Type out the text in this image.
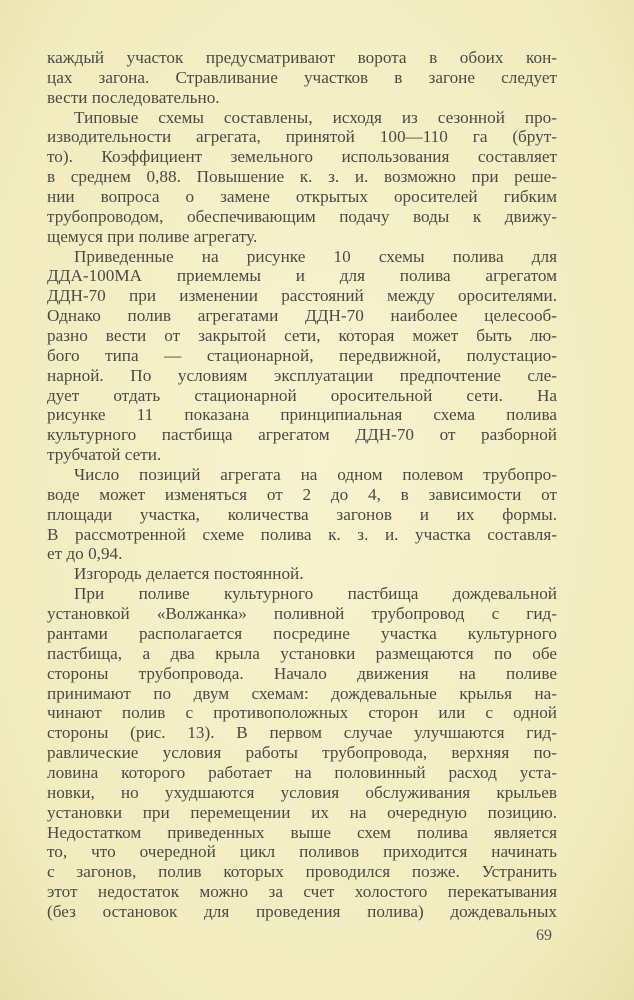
каждый участок предусматривают ворота в обоих кон-
цах загона. Стравливание участков в загоне следует
вести последовательно.
Типовые схемы составлены, исходя из сезонной про-
изводительности агрегата, принятой 100—110 га (брут-
то). Коэффициент земельного использования составляет
в среднем 0,88. Повышение к. з. и. возможно при реше-
нии вопроса о замене открытых оросителей гибким
трубопроводом, обеспечивающим подачу воды к движу-
щемуся при поливе агрегату.
Приведенные на рисунке 10 схемы полива для
ДДА-100МА приемлемы и для полива агрегатом
ДДН-70 при изменении расстояний между оросителями.
Однако полив агрегатами ДДН-70 наиболее целесооб-
разно вести от закрытой сети, которая может быть лю-
бого типа — стационарной, передвижной, полустацио-
нарной. По условиям эксплуатации предпочтение сле-
дует отдать стационарной оросительной сети. На
рисунке 11 показана принципиальная схема полива
культурного пастбища агрегатом ДДН-70 от разборной
трубчатой сети.
Число позиций агрегата на одном полевом трубопро-
воде может изменяться от 2 до 4, в зависимости от
площади участка, количества загонов и их формы.
В рассмотренной схеме полива к. з. и. участка составля-
ет до 0,94.
Изгородь делается постоянной.
При поливе культурного пастбища дождевальной
установкой «Волжанка» поливной трубопровод с гид-
рантами располагается посредине участка культурного
пастбища, а два крыла установки размещаются по обе
стороны трубопровода. Начало движения на поливе
принимают по двум схемам: дождевальные крылья на-
чинают полив с противоположных сторон или с одной
стороны (рис. 13). В первом случае улучшаются гид-
равлические условия работы трубопровода, верхняя по-
ловина которого работает на половинный расход уста-
новки, но ухудшаются условия обслуживания крыльев
установки при перемещении их на очередную позицию.
Недостатком приведенных выше схем полива является
то, что очередной цикл поливов приходится начинать
с загонов, полив которых проводился позже. Устранить
этот недостаток можно за счет холостого перекатывания
(без остановок для проведения полива) дождевальных
69
